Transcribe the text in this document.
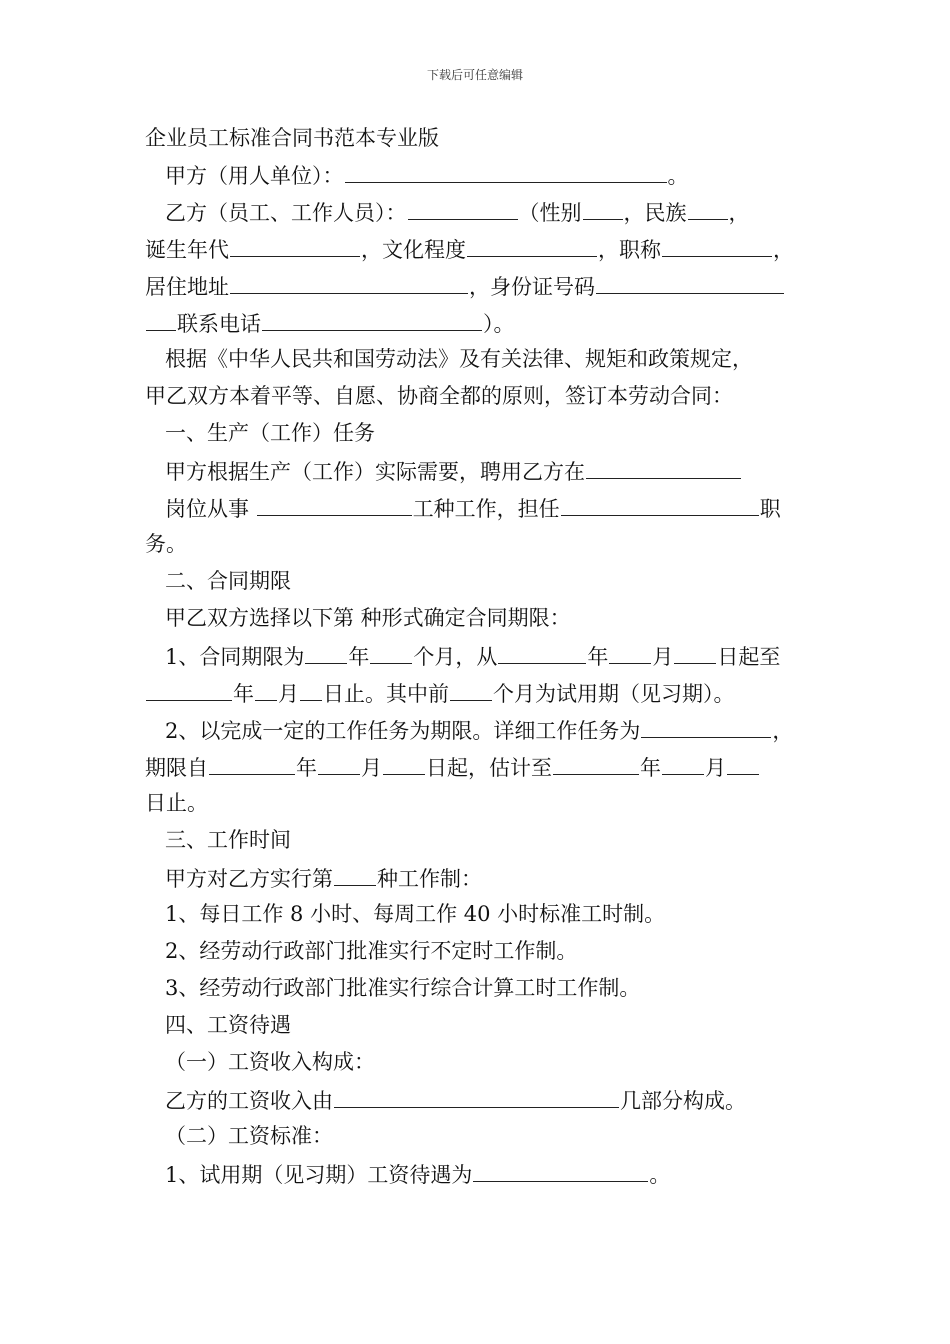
下载后可任意编辑
企业员工标准合同书范本专业版
甲方（用人单位）：	。
乙方（员工、工作人员）：	（性别 ，民族 ，
诞生年代	，文化程度	，职称	，
居住地址	，身份证号码
联系电话	）。
根据《中华人民共和国劳动法》及有关法律、规矩和政策规定，
甲乙双方本着平等、自愿、协商全都的原则，签订本劳动合同：
一、生产（工作）任务
甲方根据生产（工作）实际需要，聘用乙方在
岗位从事	工种工作，担任	职
务。
二、合同期限
甲乙双方选择以下第 种形式确定合同期限：
1、合同期限为 年 个月，从	年 月 日起至
年 月 日止。其中前 个月为试用期（见习期）。
2、以完成一定的工作任务为期限。详细工作任务为	，
期限自	年 月 日起，估计至	年 月
日止。
三、工作时间
甲方对乙方实行第 种工作制：
1、每日工作 8 小时、每周工作 40 小时标准工时制。
2、经劳动行政部门批准实行不定时工作制。
3、经劳动行政部门批准实行综合计算工时工作制。
四、工资待遇
（一）工资收入构成：
乙方的工资收入由	几部分构成。
（二）工资标准：
1、试用期（见习期）工资待遇为	。
